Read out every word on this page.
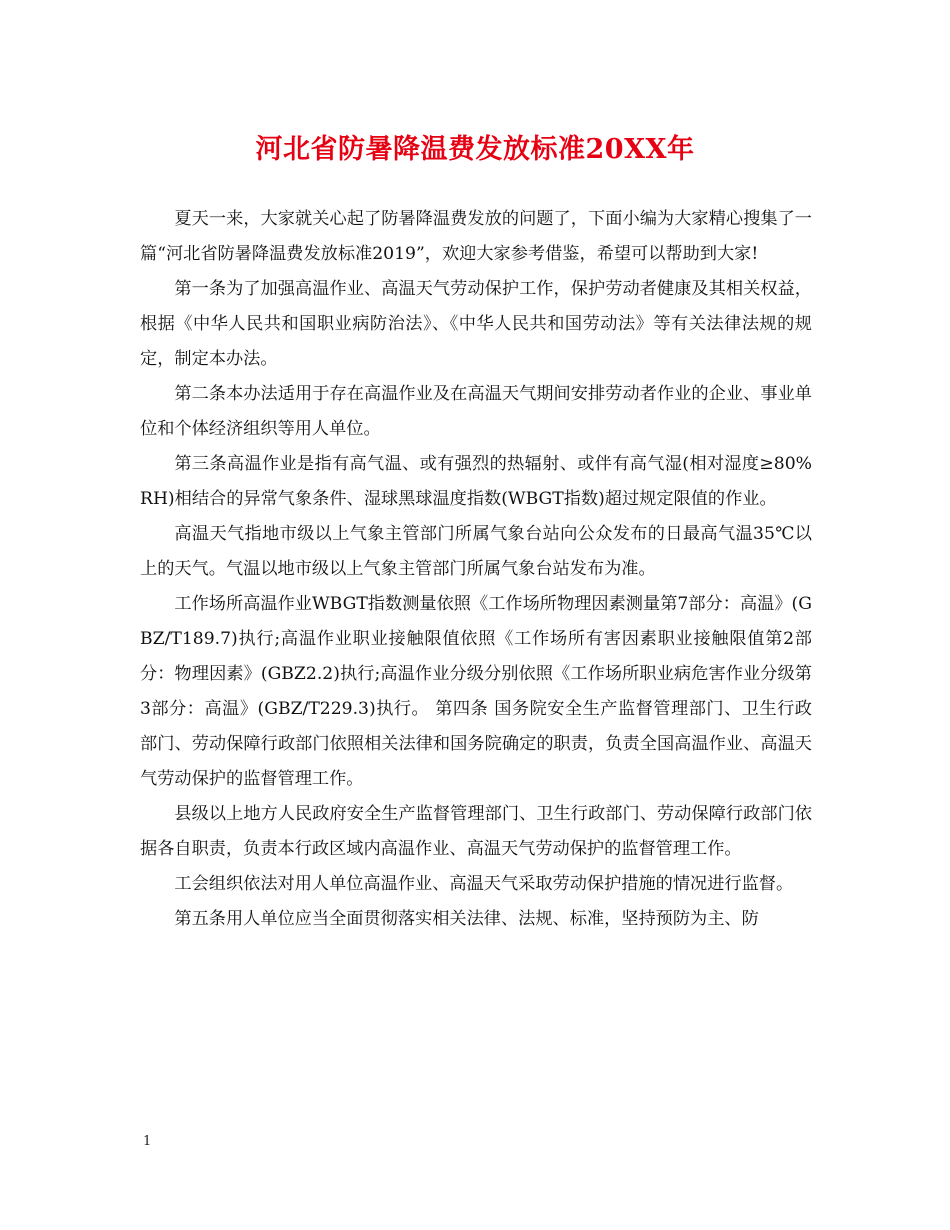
河北省防暑降温费发放标准20XX年

夏天一来，大家就关心起了防暑降温费发放的问题了，下面小编为大家精心搜集了一篇“河北省防暑降温费发放标准2019”，欢迎大家参考借鉴，希望可以帮助到大家!

第一条为了加强高温作业、高温天气劳动保护工作，保护劳动者健康及其相关权益，根据《中华人民共和国职业病防治法》、《中华人民共和国劳动法》等有关法律法规的规定，制定本办法。

第二条本办法适用于存在高温作业及在高温天气期间安排劳动者作业的企业、事业单位和个体经济组织等用人单位。

第三条高温作业是指有高气温、或有强烈的热辐射、或伴有高气湿(相对湿度≥80%RH)相结合的异常气象条件、湿球黑球温度指数(WBGT指数)超过规定限值的作业。

高温天气指地市级以上气象主管部门所属气象台站向公众发布的日最高气温35℃以上的天气。气温以地市级以上气象主管部门所属气象台站发布为准。

工作场所高温作业WBGT指数测量依照《工作场所物理因素测量第7部分：高温》(GBZ/T189.7)执行;高温作业职业接触限值依照《工作场所有害因素职业接触限值第2部分：物理因素》(GBZ2.2)执行;高温作业分级分别依照《工作场所职业病危害作业分级第3部分：高温》(GBZ/T229.3)执行。 第四条 国务院安全生产监督管理部门、卫生行政部门、劳动保障行政部门依照相关法律和国务院确定的职责，负责全国高温作业、高温天气劳动保护的监督管理工作。

县级以上地方人民政府安全生产监督管理部门、卫生行政部门、劳动保障行政部门依据各自职责，负责本行政区域内高温作业、高温天气劳动保护的监督管理工作。

工会组织依法对用人单位高温作业、高温天气采取劳动保护措施的情况进行监督。

第五条用人单位应当全面贯彻落实相关法律、法规、标准，坚持预防为主、防

1
